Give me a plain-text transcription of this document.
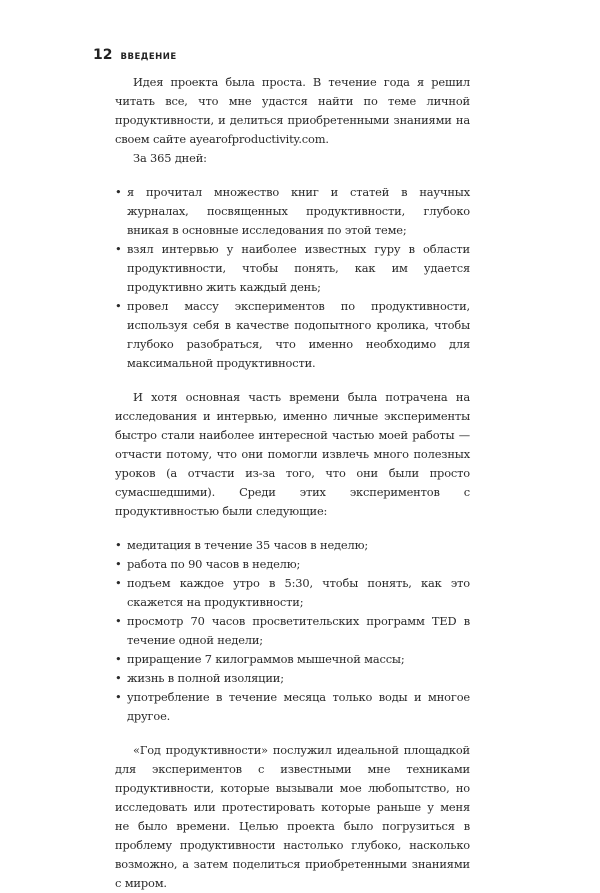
12 ВВЕДЕНИЕ
Идея проекта была проста. В течение года я решил читать все, что мне удастся найти по теме личной продуктивности, и делиться приобретенными знаниями на своем сайте ayearofproductivity.com.
За 365 дней:
• я прочитал множество книг и статей в научных журналах, посвященных продуктивности, глубоко вникая в основные исследования по этой теме;
• взял интервью у наиболее известных гуру в области продуктивности, чтобы понять, как им удается продуктивно жить каждый день;
• провел массу экспериментов по продуктивности, используя себя в качестве подопытного кролика, чтобы глубоко разобраться, что именно необходимо для максимальной продуктивности.
И хотя основная часть времени была потрачена на исследования и интервью, именно личные эксперименты быстро стали наиболее интересной частью моей работы — отчасти потому, что они помогли извлечь много полезных уроков (а отчасти из-за того, что они были просто сумасшедшими). Среди этих экспериментов с продуктивностью были следующие:
• медитация в течение 35 часов в неделю;
• работа по 90 часов в неделю;
• подъем каждое утро в 5:30, чтобы понять, как это скажется на продуктивности;
• просмотр 70 часов просветительских программ TED в течение одной недели;
• приращение 7 килограммов мышечной массы;
• жизнь в полной изоляции;
• употребление в течение месяца только воды и многое другое.
«Год продуктивности» послужил идеальной площадкой для экспериментов с известными мне техниками продуктивности, которые вызывали мое любопытство, но исследовать или протестировать которые раньше у меня не было времени. Целью проекта было погрузиться в проблему продуктивности настолько глубоко, насколько возможно, а затем поделиться приобретенными знаниями с миром.
